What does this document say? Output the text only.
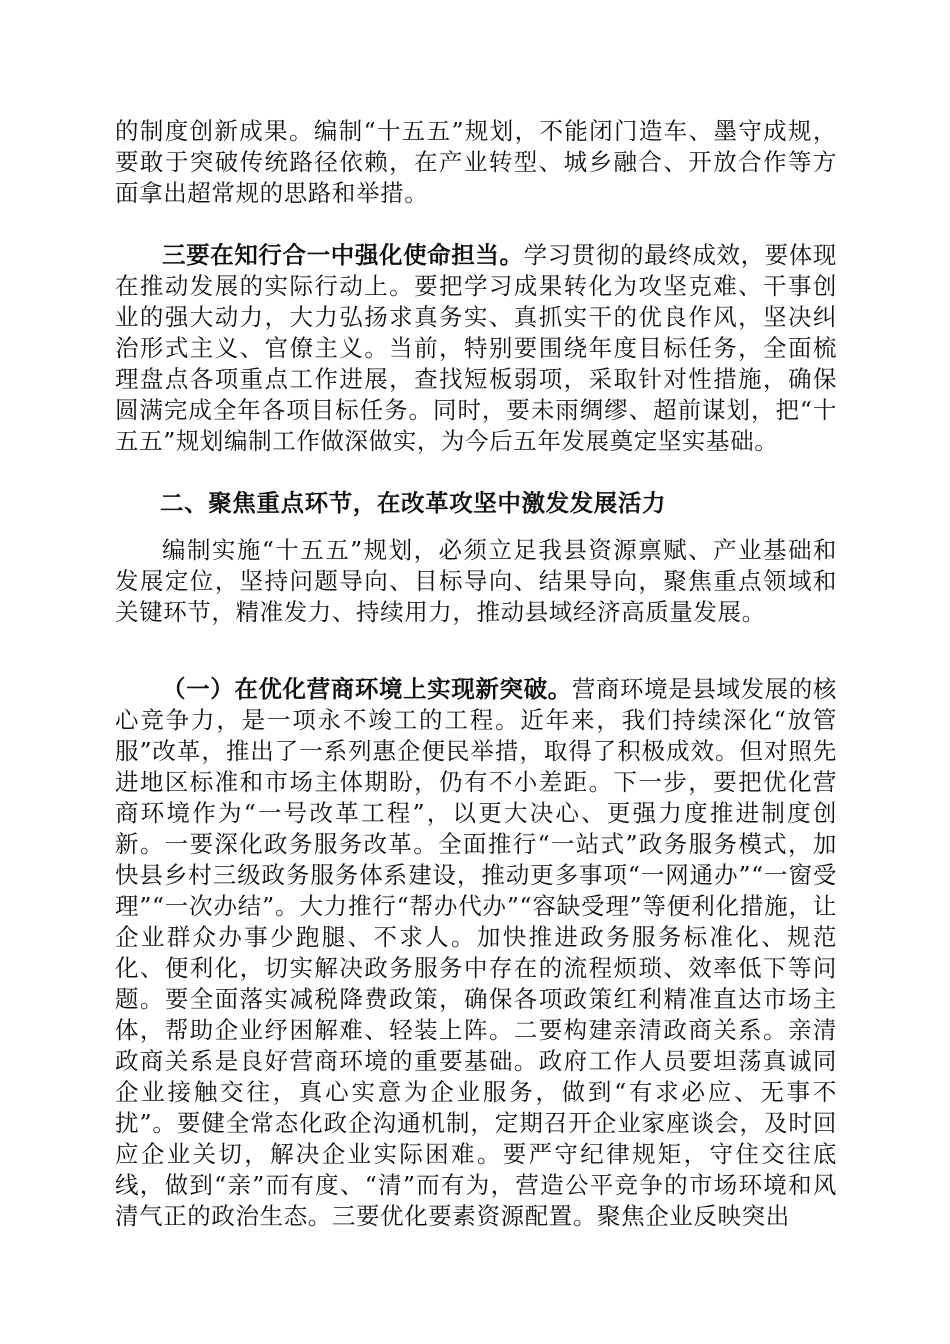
的制度创新成果。编制“十五五”规划，不能闭门造车、墨守成规，要敢于突破传统路径依赖，在产业转型、城乡融合、开放合作等方面拿出超常规的思路和举措。

三要在知行合一中强化使命担当。学习贯彻的最终成效，要体现在推动发展的实际行动上。要把学习成果转化为攻坚克难、干事创业的强大动力，大力弘扬求真务实、真抓实干的优良作风，坚决纠治形式主义、官僚主义。当前，特别要围绕年度目标任务，全面梳理盘点各项重点工作进展，查找短板弱项，采取针对性措施，确保圆满完成全年各项目标任务。同时，要未雨绸缪、超前谋划，把“十五五”规划编制工作做深做实，为今后五年发展奠定坚实基础。

二、聚焦重点环节，在改革攻坚中激发发展活力

编制实施“十五五”规划，必须立足我县资源禀赋、产业基础和发展定位，坚持问题导向、目标导向、结果导向，聚焦重点领域和关键环节，精准发力、持续用力，推动县域经济高质量发展。

（一）在优化营商环境上实现新突破。营商环境是县域发展的核心竞争力，是一项永不竣工的工程。近年来，我们持续深化“放管服”改革，推出了一系列惠企便民举措，取得了积极成效。但对照先进地区标准和市场主体期盼，仍有不小差距。下一步，要把优化营商环境作为“一号改革工程”，以更大决心、更强力度推进制度创新。一要深化政务服务改革。全面推行“一站式”政务服务模式，加快县乡村三级政务服务体系建设，推动更多事项“一网通办”“一窗受理”“一次办结”。大力推行“帮办代办”“容缺受理”等便利化措施，让企业群众办事少跑腿、不求人。加快推进政务服务标准化、规范化、便利化，切实解决政务服务中存在的流程烦琐、效率低下等问题。要全面落实减税降费政策，确保各项政策红利精准直达市场主体，帮助企业纾困解难、轻装上阵。二要构建亲清政商关系。亲清政商关系是良好营商环境的重要基础。政府工作人员要坦荡真诚同企业接触交往，真心实意为企业服务，做到“有求必应、无事不扰”。要健全常态化政企沟通机制，定期召开企业家座谈会，及时回应企业关切，解决企业实际困难。要严守纪律规矩，守住交往底线，做到“亲”而有度、“清”而有为，营造公平竞争的市场环境和风清气正的政治生态。三要优化要素资源配置。聚焦企业反映突出
